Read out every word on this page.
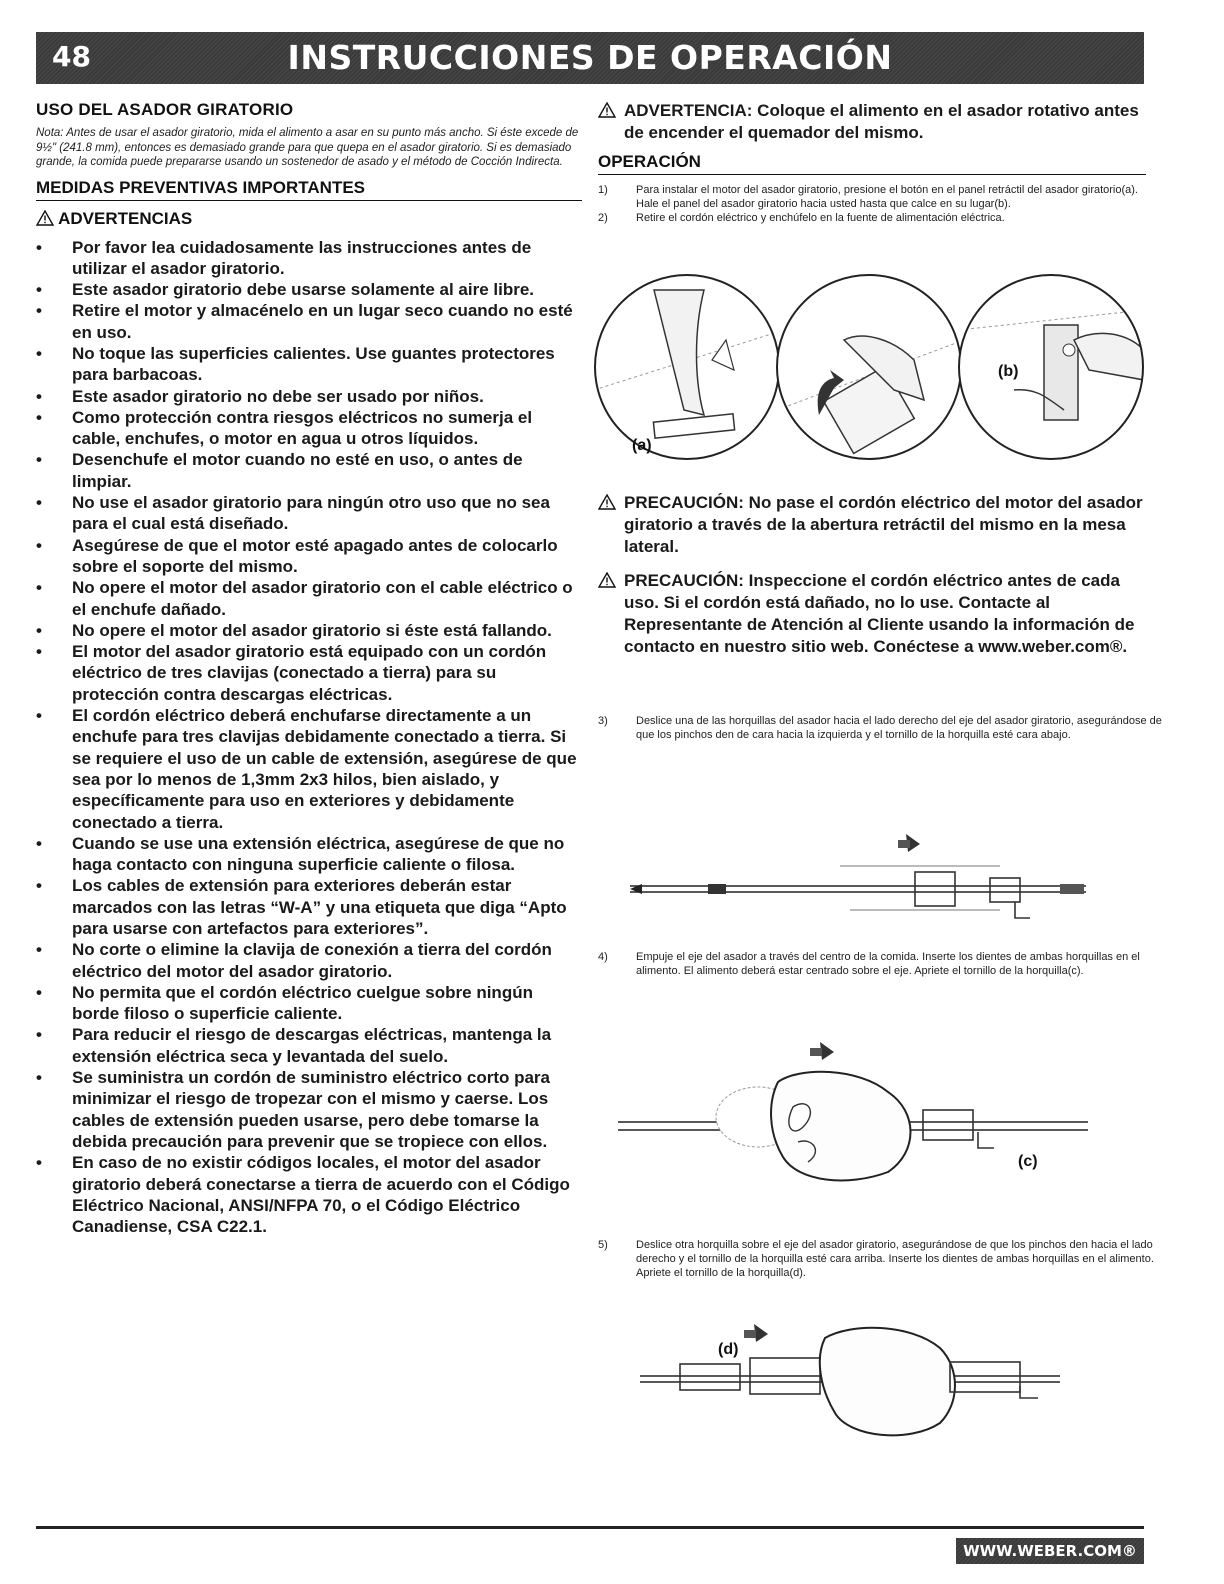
48	INSTRUCCIONES DE OPERACIÓN
USO DEL ASADOR GIRATORIO
Nota: Antes de usar el asador giratorio, mida el alimento a asar en su punto más ancho. Si éste excede de 9½" (241.8 mm), entonces es demasiado grande para que quepa en el asador giratorio. Si es demasiado grande, la comida puede prepararse usando un sostenedor de asado y el método de Cocción Indirecta.
MEDIDAS PREVENTIVAS IMPORTANTES
ADVERTENCIAS
• Por favor lea cuidadosamente las instrucciones antes de utilizar el asador giratorio.
• Este asador giratorio debe usarse solamente al aire libre.
• Retire el motor y almacénelo en un lugar seco cuando no esté en uso.
• No toque las superficies calientes. Use guantes protectores para barbacoas.
• Este asador giratorio no debe ser usado por niños.
• Como protección contra riesgos eléctricos no sumerja el cable, enchufes, o motor en agua u otros líquidos.
• Desenchufe el motor cuando no esté en uso, o antes de limpiar.
• No use el asador giratorio para ningún otro uso que no sea para el cual está diseñado.
• Asegúrese de que el motor esté apagado antes de colocarlo sobre el soporte del mismo.
• No opere el motor del asador giratorio con el cable eléctrico o el enchufe dañado.
• No opere el motor del asador giratorio si éste está fallando.
• El motor del asador giratorio está equipado con un cordón eléctrico de tres clavijas (conectado a tierra) para su protección contra descargas eléctricas.
• El cordón eléctrico deberá enchufarse directamente a un enchufe para tres clavijas debidamente conectado a tierra. Si se requiere el uso de un cable de extensión, asegúrese de que sea por lo menos de 1,3mm 2x3 hilos, bien aislado, y específicamente para uso en exteriores y debidamente conectado a tierra.
• Cuando se use una extensión eléctrica, asegúrese de que no haga contacto con ninguna superficie caliente o filosa.
• Los cables de extensión para exteriores deberán estar marcados con las letras “W-A” y una etiqueta que diga “Apto para usarse con artefactos para exteriores”.
• No corte o elimine la clavija de conexión a tierra del cordón eléctrico del motor del asador giratorio.
• No permita que el cordón eléctrico cuelgue sobre ningún borde filoso o superficie caliente.
• Para reducir el riesgo de descargas eléctricas, mantenga la extensión eléctrica seca y levantada del suelo.
• Se suministra un cordón de suministro eléctrico corto para minimizar el riesgo de tropezar con el mismo y caerse. Los cables de extensión pueden usarse, pero debe tomarse la debida precaución para prevenir que se tropiece con ellos.
• En caso de no existir códigos locales, el motor del asador giratorio deberá conectarse a tierra de acuerdo con el Código Eléctrico Nacional, ANSI/NFPA 70, o el Código Eléctrico Canadiense, CSA C22.1.
ADVERTENCIA: Coloque el alimento en el asador rotativo antes de encender el quemador del mismo.
OPERACIÓN
1)	Para instalar el motor del asador giratorio, presione el botón en el panel retráctil del asador giratorio(a). Hale el panel del asador giratorio hacia usted hasta que calce en su lugar(b).
2)	Retire el cordón eléctrico y enchúfelo en la fuente de alimentación eléctrica.
(a)
(b)
PRECAUCIÓN: No pase el cordón eléctrico del motor del asador giratorio a través de la abertura retráctil del mismo en la mesa lateral.
PRECAUCIÓN: Inspeccione el cordón eléctrico antes de cada uso. Si el cordón está dañado, no lo use. Contacte al Representante de Atención al Cliente usando la información de contacto en nuestro sitio web. Conéctese a www.weber.com®.
3)	Deslice una de las horquillas del asador hacia el lado derecho del eje del asador giratorio, asegurándose de que los pinchos den de cara hacia la izquierda y el tornillo de la horquilla esté cara abajo.
4)	Empuje el eje del asador a través del centro de la comida. Inserte los dientes de ambas horquillas en el alimento. El alimento deberá estar centrado sobre el eje. Apriete el tornillo de la horquilla(c).
(c)
5)	Deslice otra horquilla sobre el eje del asador giratorio, asegurándose de que los pinchos den hacia el lado derecho y el tornillo de la horquilla esté cara arriba. Inserte los dientes de ambas horquillas en el alimento. Apriete el tornillo de la horquilla(d).
(d)
WWW.WEBER.COM®
